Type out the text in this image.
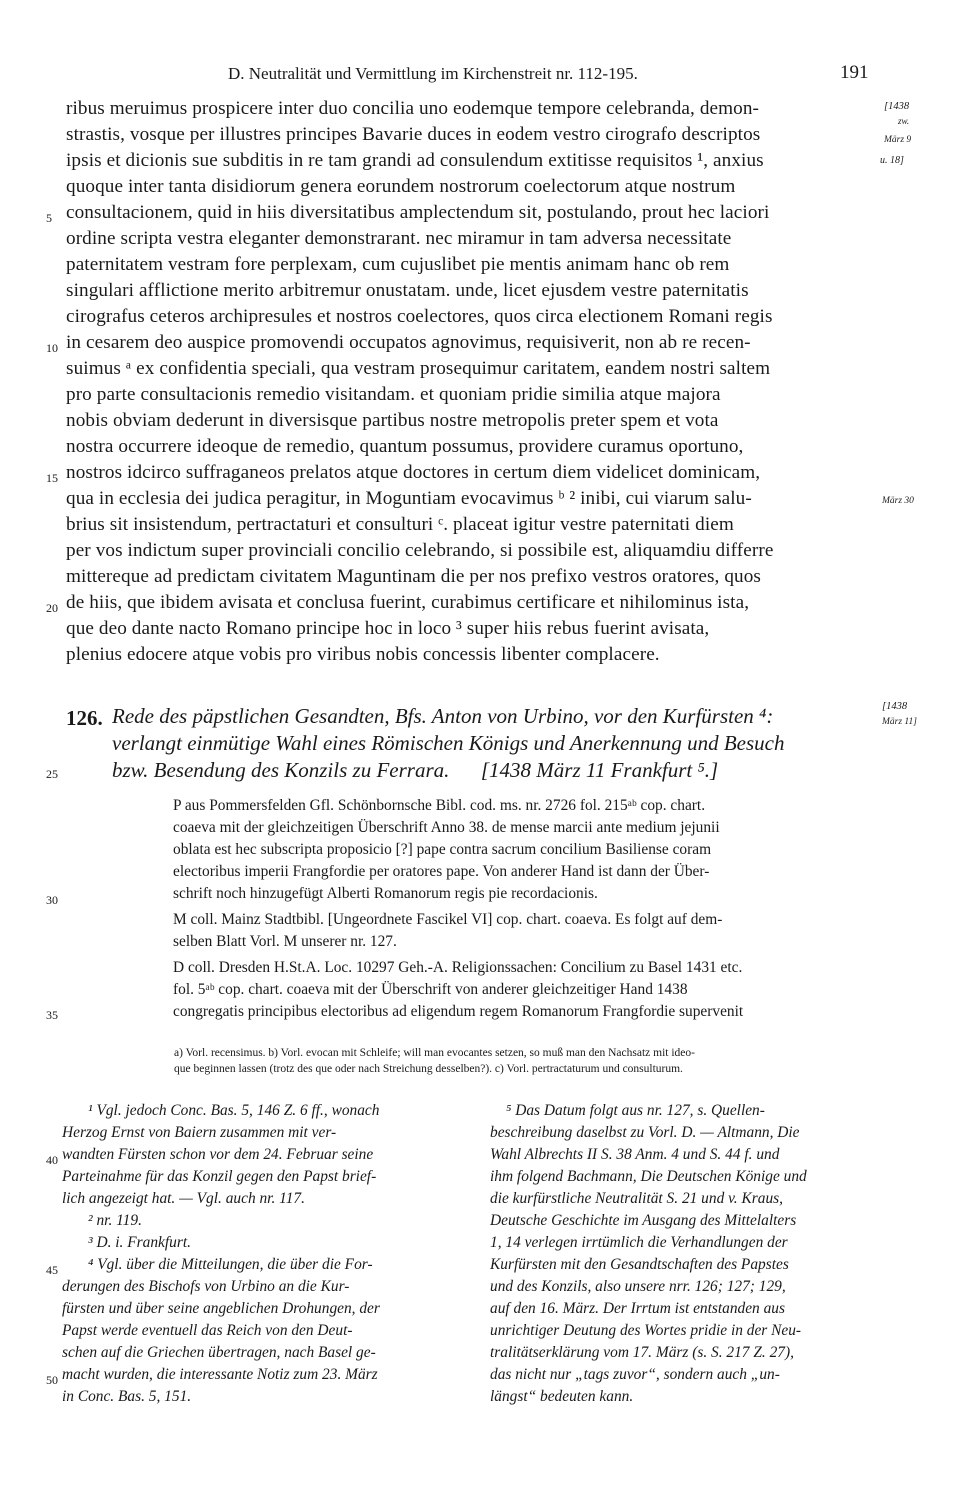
D. Neutralität und Vermittlung im Kirchenstreit nr. 112-195.	191
ribus meruimus prospicere inter duo concilia uno eodemque tempore celebranda, demon-
strastis, vosque per illustres principes Bavarie duces in eodem vestro cirografo descriptos
ipsis et dicionis sue subditis in re tam grandi ad consulendum extitisse requisitos ¹, anxius
quoque inter tanta disidiorum genera eorundem nostrorum coelectorum atque nostrum
consultacionem, quid in hiis diversitatibus amplectendum sit, postulando, prout hec laciori
ordine scripta vestra eleganter demonstrarant. nec miramur in tam adversa necessitate
paternitatem vestram fore perplexam, cum cujuslibet pie mentis animam hanc ob rem
singulari afflictione merito arbitremur onustatam. unde, licet ejusdem vestre paternitatis
cirografus ceteros archipresules et nostros coelectores, quos circa electionem Romani regis
in cesarem deo auspice promovendi occupatos agnovimus, requisiverit, non ab re recen-
suimus ᵃ ex confidentia speciali, qua vestram prosequimur caritatem, eandem nostri saltem
pro parte consultacionis remedio visitandam. et quoniam pridie similia atque majora
nobis obviam dederunt in diversisque partibus nostre metropolis preter spem et vota
nostra occurrere ideoque de remedio, quantum possumus, providere curamus oportuno,
nostros idcirco suffraganeos prelatos atque doctores in certum diem videlicet dominicam,
qua in ecclesia dei judica peragitur, in Moguntiam evocavimus ᵇ ² inibi, cui viarum salu-
brius sit insistendum, pertractaturi et consulturi ᶜ. placeat igitur vestre paternitati diem
per vos indictum super provinciali concilio celebrando, si possibile est, aliquamdiu differre
mittereque ad predictam civitatem Maguntinam die per nos prefixo vestros oratores, quos
de hiis, que ibidem avisata et conclusa fuerint, curabimus certificare et nihilominus ista,
que deo dante nacto Romano principe hoc in loco ³ super hiis rebus fuerint avisata,
plenius edocere atque vobis pro viribus nobis concessis libenter complacere.
5
10
15
20
[1438
zw.
März 9
u. 18]
März 30
[1438
März 11]
126. Rede des päpstlichen Gesandten, Bfs. Anton von Urbino, vor den Kurfürsten ⁴:
verlangt einmütige Wahl eines Römischen Königs und Anerkennung und Besuch
bzw. Besendung des Konzils zu Ferrara.      [1438 März 11 Frankfurt ⁵.]
25
P aus Pommersfelden Gfl. Schönbornsche Bibl. cod. ms. nr. 2726 fol. 215ᵃᵇ cop. chart.
coaeva mit der gleichzeitigen Überschrift Anno 38. de mense marcii ante medium jejunii
oblata est hec subscripta proposicio [?] pape contra sacrum concilium Basiliense coram
electoribus imperii Frangfordie per oratores pape. Von anderer Hand ist dann der Über-
schrift noch hinzugefügt Alberti Romanorum regis pie recordacionis.
M coll. Mainz Stadtbibl. [Ungeordnete Fascikel VI] cop. chart. coaeva. Es folgt auf dem-
selben Blatt Vorl. M unserer nr. 127.
D coll. Dresden H.St.A. Loc. 10297 Geh.-A. Religionssachen: Concilium zu Basel 1431 etc.
fol. 5ᵃᵇ cop. chart. coaeva mit der Überschrift von anderer gleichzeitiger Hand 1438
congregatis principibus electoribus ad eligendum regem Romanorum Frangfordie supervenit
30
35
a) Vorl. recensimus. b) Vorl. evocan mit Schleife; will man evocantes setzen, so muß man den Nachsatz mit ideo-
que beginnen lassen (trotz des que oder nach Streichung desselben?). c) Vorl. pertractaturum und consulturum.
¹ Vgl. jedoch Conc. Bas. 5, 146 Z. 6 ff., wonach
Herzog Ernst von Baiern zusammen mit ver-
wandten Fürsten schon vor dem 24. Februar seine
Parteinahme für das Konzil gegen den Papst brief-
lich angezeigt hat. — Vgl. auch nr. 117.
² nr. 119.
³ D. i. Frankfurt.
⁴ Vgl. über die Mitteilungen, die über die For-
derungen des Bischofs von Urbino an die Kur-
fürsten und über seine angeblichen Drohungen, der
Papst werde eventuell das Reich von den Deut-
schen auf die Griechen übertragen, nach Basel ge-
macht wurden, die interessante Notiz zum 23. März
in Conc. Bas. 5, 151.
40
45
50
⁵ Das Datum folgt aus nr. 127, s. Quellen-
beschreibung daselbst zu Vorl. D. — Altmann, Die
Wahl Albrechts II S. 38 Anm. 4 und S. 44 f. und
ihm folgend Bachmann, Die Deutschen Könige und
die kurfürstliche Neutralität S. 21 und v. Kraus,
Deutsche Geschichte im Ausgang des Mittelalters
1, 14 verlegen irrtümlich die Verhandlungen der
Kurfürsten mit den Gesandtschaften des Papstes
und des Konzils, also unsere nrr. 126; 127; 129,
auf den 16. März. Der Irrtum ist entstanden aus
unrichtiger Deutung des Wortes pridie in der Neu-
tralitätserklärung vom 17. März (s. S. 217 Z. 27),
das nicht nur „tags zuvor“, sondern auch „un-
längst“ bedeuten kann.
